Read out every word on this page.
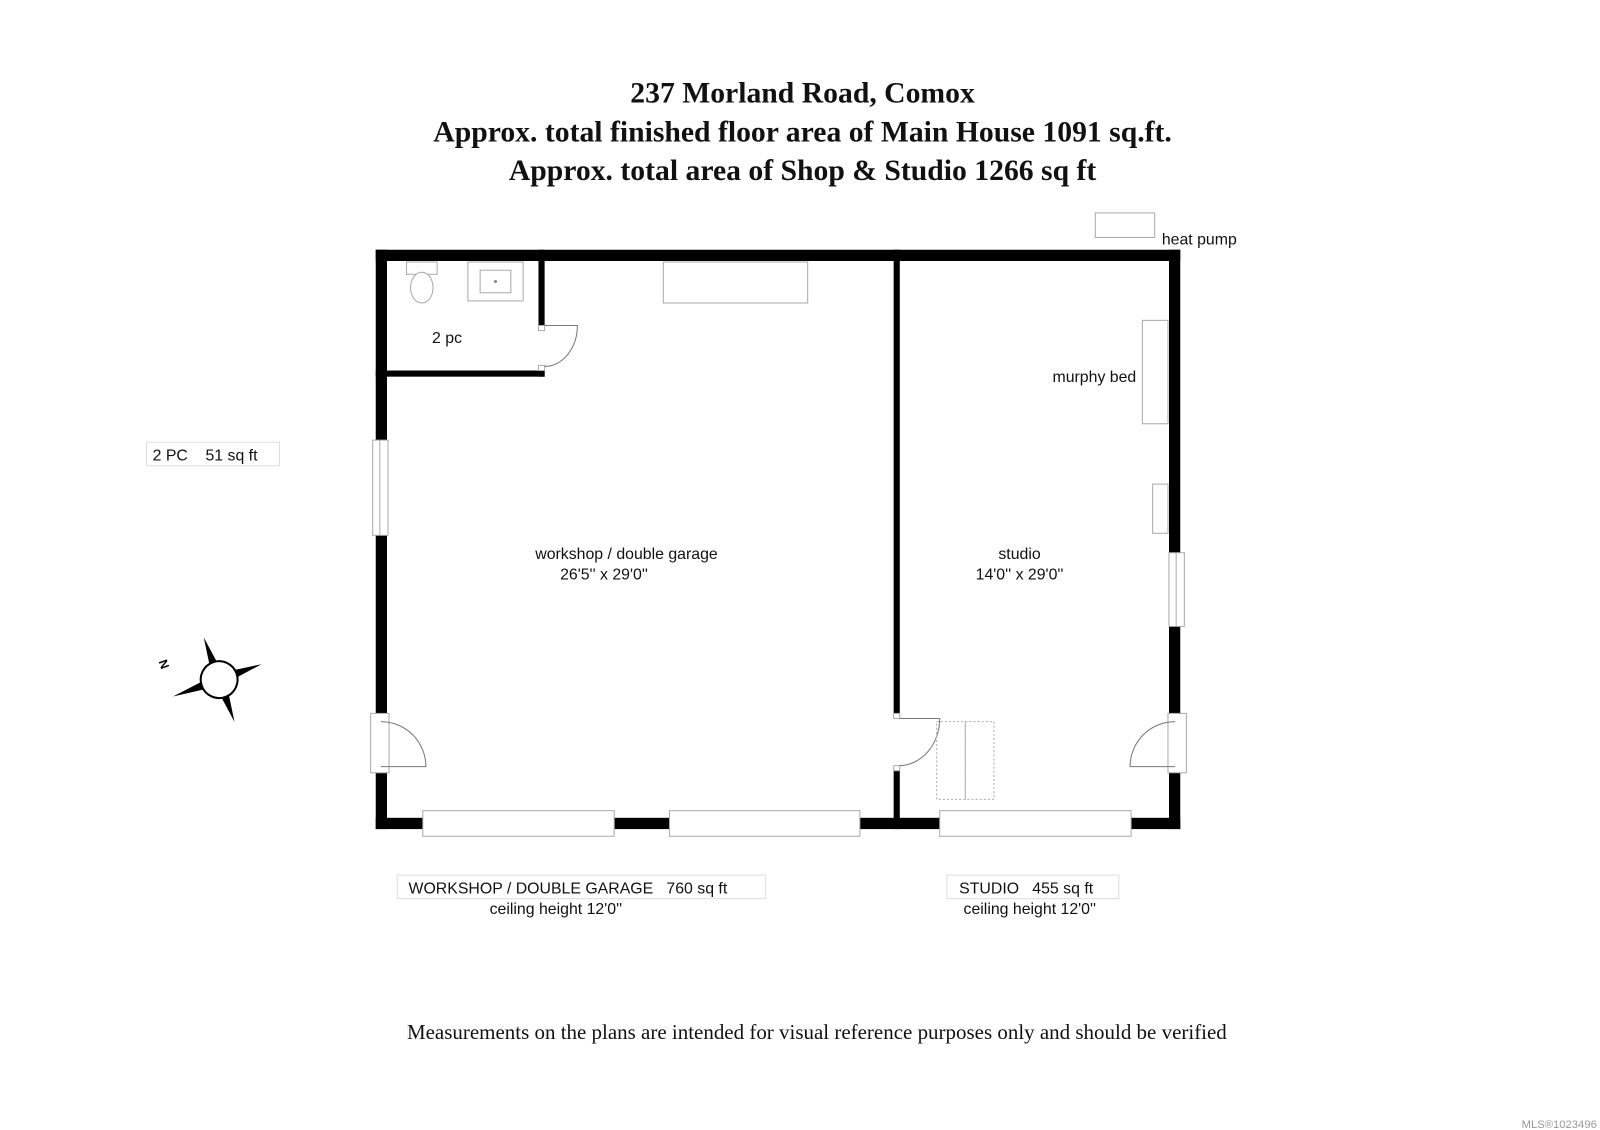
237 Morland Road, Comox
Approx. total finished floor area of Main House 1091 sq.ft.
Approx. total area of Shop & Studio 1266 sq ft
heat pump
murphy bed
2 pc
workshop / double garage
26'5'' x 29'0''
studio
14'0'' x 29'0''
2 PC    51 sq ft
WORKSHOP / DOUBLE GARAGE   760 sq ft
ceiling height 12'0''
STUDIO   455 sq ft
ceiling height 12'0''
N
Measurements on the plans are intended for visual reference purposes only and should be verified
MLS®1023496
